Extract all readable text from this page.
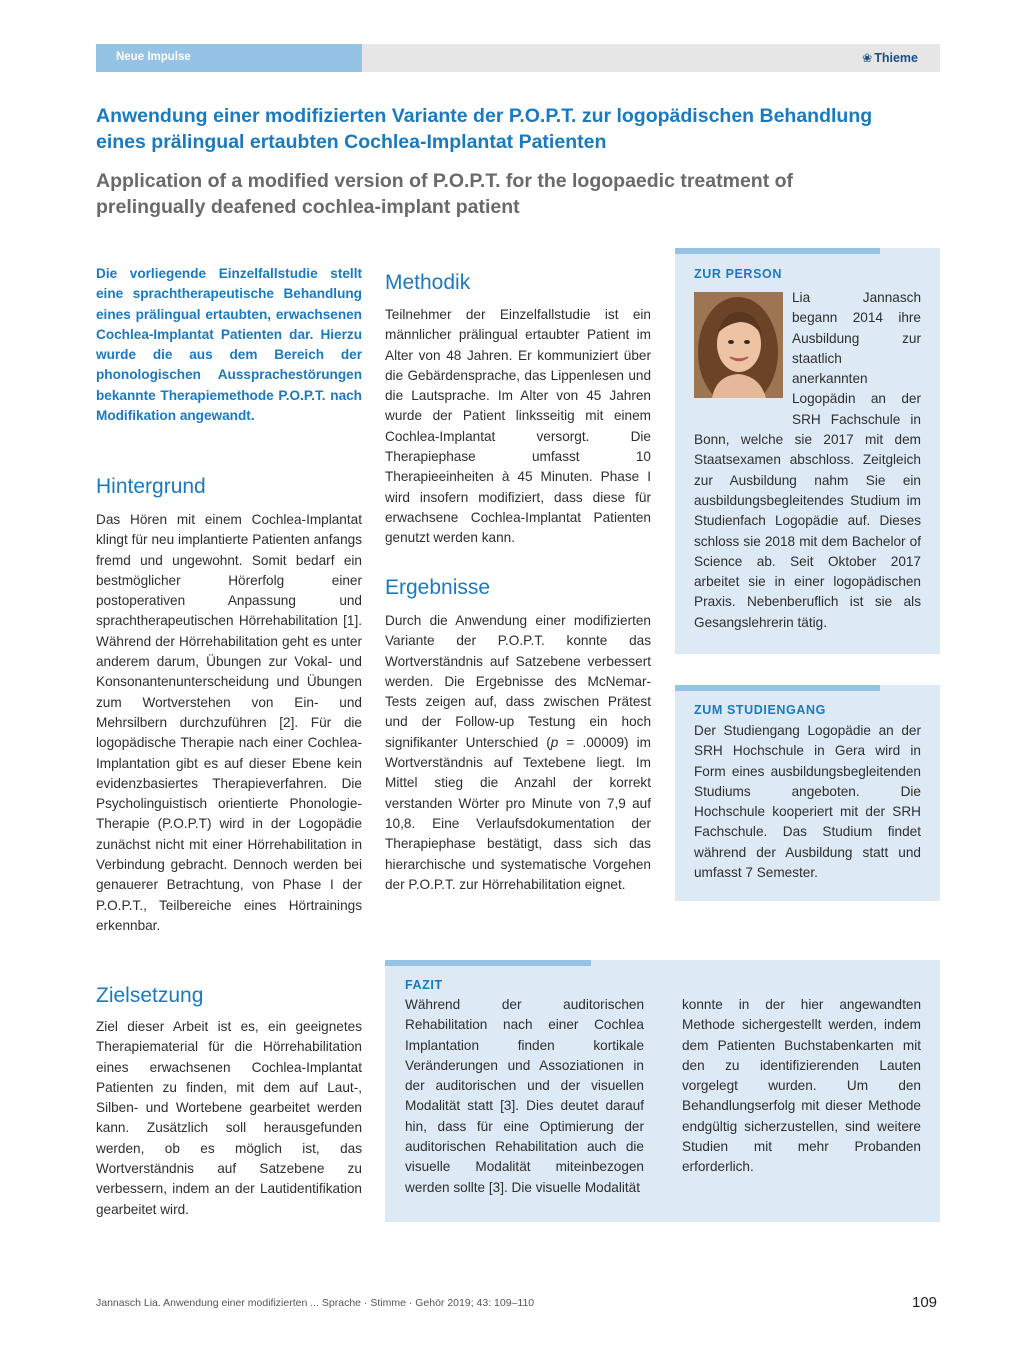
Neue Impulse	❀ Thieme
Anwendung einer modifizierten Variante der P.O.P.T. zur logopädischen Behandlung
eines prälingual ertaubten Cochlea-Implantat Patienten
Application of a modified version of P.O.P.T. for the logopaedic treatment of
prelingually deafened cochlea-implant patient
Die vorliegende Einzelfallstudie stellt eine sprachtherapeutische Behandlung eines prälingual ertaubten, erwachsenen Cochlea-Implantat Patienten dar. Hierzu wurde die aus dem Bereich der phonologischen Aussprachestörungen bekannte Therapiemethode P.O.P.T. nach Modifikation angewandt.
Hintergrund
Das Hören mit einem Cochlea-Implantat klingt für neu implantierte Patienten anfangs fremd und ungewohnt. Somit bedarf ein bestmöglicher Hörerfolg einer postoperativen Anpassung und sprachtherapeutischen Hörrehabilitation [1]. Während der Hörrehabilitation geht es unter anderem darum, Übungen zur Vokal- und Konsonantenunterscheidung und Übungen zum Wortverstehen von Ein- und Mehrsilbern durchzuführen [2]. Für die logopädische Therapie nach einer Cochlea-Implantation gibt es auf dieser Ebene kein evidenzbasiertes Therapieverfahren. Die Psycholinguistisch orientierte Phonologie-Therapie (P.O.P.T) wird in der Logopädie zunächst nicht mit einer Hörrehabilitation in Verbindung gebracht. Dennoch werden bei genauerer Betrachtung, von Phase I der P.O.P.T., Teilbereiche eines Hörtrainings erkennbar.
Zielsetzung
Ziel dieser Arbeit ist es, ein geeignetes Therapiematerial für die Hörrehabilitation eines erwachsenen Cochlea-Implantat Patienten zu finden, mit dem auf Laut-, Silben- und Wortebene gearbeitet werden kann. Zusätzlich soll herausgefunden werden, ob es möglich ist, das Wortverständnis auf Satzebene zu verbessern, indem an der Lautidentifikation gearbeitet wird.
Methodik
Teilnehmer der Einzelfallstudie ist ein männlicher prälingual ertaubter Patient im Alter von 48 Jahren. Er kommuniziert über die Gebärdensprache, das Lippenlesen und die Lautsprache. Im Alter von 45 Jahren wurde der Patient linksseitig mit einem Cochlea-Implantat versorgt. Die Therapiephase umfasst 10 Therapieeinheiten à 45 Minuten. Phase I wird insofern modifiziert, dass diese für erwachsene Cochlea-Implantat Patienten genutzt werden kann.
Ergebnisse
Durch die Anwendung einer modifizierten Variante der P.O.P.T. konnte das Wortverständnis auf Satzebene verbessert werden. Die Ergebnisse des McNemar-Tests zeigen auf, dass zwischen Prätest und der Follow-up Testung ein hoch signifikanter Unterschied (p = .00009) im Wortverständnis auf Textebene liegt. Im Mittel stieg die Anzahl der korrekt verstanden Wörter pro Minute von 7,9 auf 10,8. Eine Verlaufsdokumentation der Therapiephase bestätigt, dass sich das hierarchische und systematische Vorgehen der P.O.P.T. zur Hörrehabilitation eignet.
ZUR PERSON
Lia Jannasch begann 2014 ihre Ausbildung zur staatlich anerkannten Logopädin an der SRH Fachschule in Bonn, welche sie 2017 mit dem Staatsexamen abschloss. Zeitgleich zur Ausbildung nahm Sie ein ausbildungsbegleitendes Studium im Studienfach Logopädie auf. Dieses schloss sie 2018 mit dem Bachelor of Science ab. Seit Oktober 2017 arbeitet sie in einer logopädischen Praxis. Nebenberuflich ist sie als Gesangslehrerin tätig.
ZUM STUDIENGANG
Der Studiengang Logopädie an der SRH Hochschule in Gera wird in Form eines ausbildungsbegleitenden Studiums angeboten. Die Hochschule kooperiert mit der SRH Fachschule. Das Studium findet während der Ausbildung statt und umfasst 7 Semester.
FAZIT
Während der auditorischen Rehabilitation nach einer Cochlea Implantation finden kortikale Veränderungen und Assoziationen in der auditorischen und der visuellen Modalität statt [3]. Dies deutet darauf hin, dass für eine Optimierung der auditorischen Rehabilitation auch die visuelle Modalität miteinbezogen werden sollte [3]. Die visuelle Modalität
konnte in der hier angewandten Methode sichergestellt werden, indem dem Patienten Buchstabenkarten mit den zu identifizierenden Lauten vorgelegt wurden. Um den Behandlungserfolg mit dieser Methode endgültig sicherzustellen, sind weitere Studien mit mehr Probanden erforderlich.
Jannasch Lia. Anwendung einer modifizierten ... Sprache · Stimme · Gehör 2019; 43: 109–110	109
